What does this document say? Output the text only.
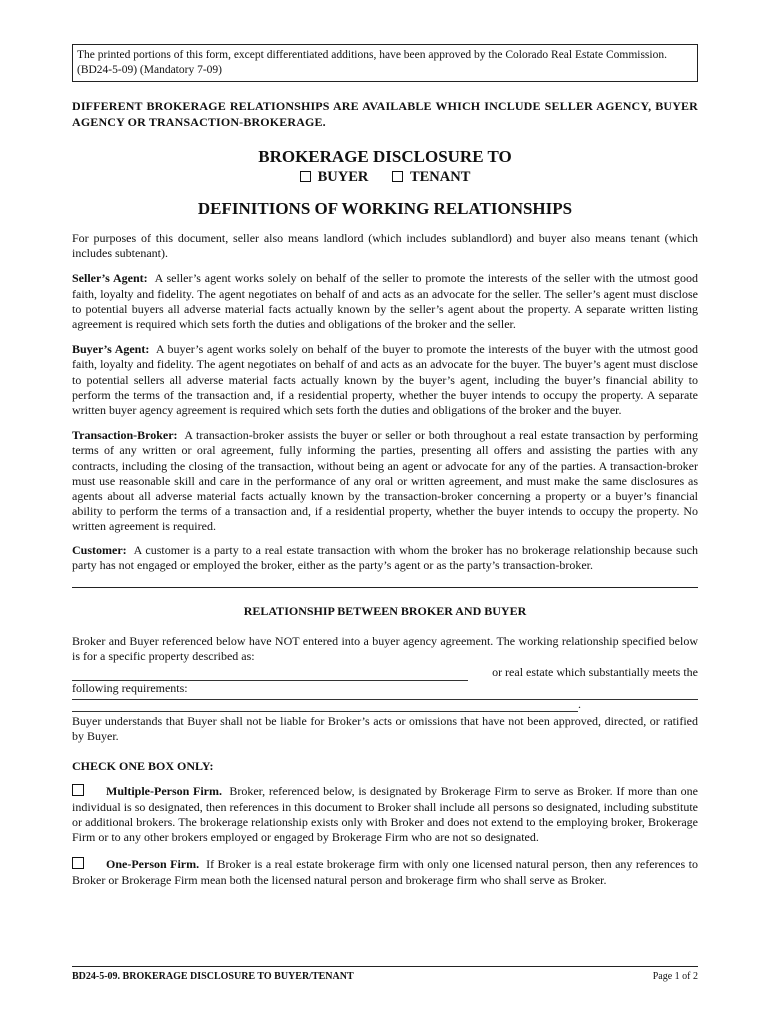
The printed portions of this form, except differentiated additions, have been approved by the Colorado Real Estate Commission.
(BD24-5-09) (Mandatory 7-09)

DIFFERENT BROKERAGE RELATIONSHIPS ARE AVAILABLE WHICH INCLUDE SELLER AGENCY, BUYER AGENCY OR TRANSACTION-BROKERAGE.

BROKERAGE DISCLOSURE TO
BUYER	TENANT
DEFINITIONS OF WORKING RELATIONSHIPS

For purposes of this document, seller also means landlord (which includes sublandlord) and buyer also means tenant (which includes subtenant).

Seller’s Agent: A seller’s agent works solely on behalf of the seller to promote the interests of the seller with the utmost good faith, loyalty and fidelity. The agent negotiates on behalf of and acts as an advocate for the seller. The seller’s agent must disclose to potential buyers all adverse material facts actually known by the seller’s agent about the property. A separate written listing agreement is required which sets forth the duties and obligations of the broker and the seller.

Buyer’s Agent: A buyer’s agent works solely on behalf of the buyer to promote the interests of the buyer with the utmost good faith, loyalty and fidelity. The agent negotiates on behalf of and acts as an advocate for the buyer. The buyer’s agent must disclose to potential sellers all adverse material facts actually known by the buyer’s agent, including the buyer’s financial ability to perform the terms of the transaction and, if a residential property, whether the buyer intends to occupy the property. A separate written buyer agency agreement is required which sets forth the duties and obligations of the broker and the buyer.

Transaction-Broker: A transaction-broker assists the buyer or seller or both throughout a real estate transaction by performing terms of any written or oral agreement, fully informing the parties, presenting all offers and assisting the parties with any contracts, including the closing of the transaction, without being an agent or advocate for any of the parties. A transaction-broker must use reasonable skill and care in the performance of any oral or written agreement, and must make the same disclosures as agents about all adverse material facts actually known by the transaction-broker concerning a property or a buyer’s financial ability to perform the terms of a transaction and, if a residential property, whether the buyer intends to occupy the property. No written agreement is required.

Customer: A customer is a party to a real estate transaction with whom the broker has no brokerage relationship because such party has not engaged or employed the broker, either as the party’s agent or as the party’s transaction-broker.

RELATIONSHIP BETWEEN BROKER AND BUYER

Broker and Buyer referenced below have NOT entered into a buyer agency agreement. The working relationship specified below is for a specific property described as:

or real estate which substantially meets the
following requirements:
.

Buyer understands that Buyer shall not be liable for Broker’s acts or omissions that have not been approved, directed, or ratified by Buyer.

CHECK ONE BOX ONLY:

Multiple-Person Firm. Broker, referenced below, is designated by Brokerage Firm to serve as Broker. If more than one individual is so designated, then references in this document to Broker shall include all persons so designated, including substitute or additional brokers. The brokerage relationship exists only with Broker and does not extend to the employing broker, Brokerage Firm or to any other brokers employed or engaged by Brokerage Firm who are not so designated.

One-Person Firm. If Broker is a real estate brokerage firm with only one licensed natural person, then any references to Broker or Brokerage Firm mean both the licensed natural person and brokerage firm who shall serve as Broker.

BD24-5-09. BROKERAGE DISCLOSURE TO BUYER/TENANT	Page 1 of 2
